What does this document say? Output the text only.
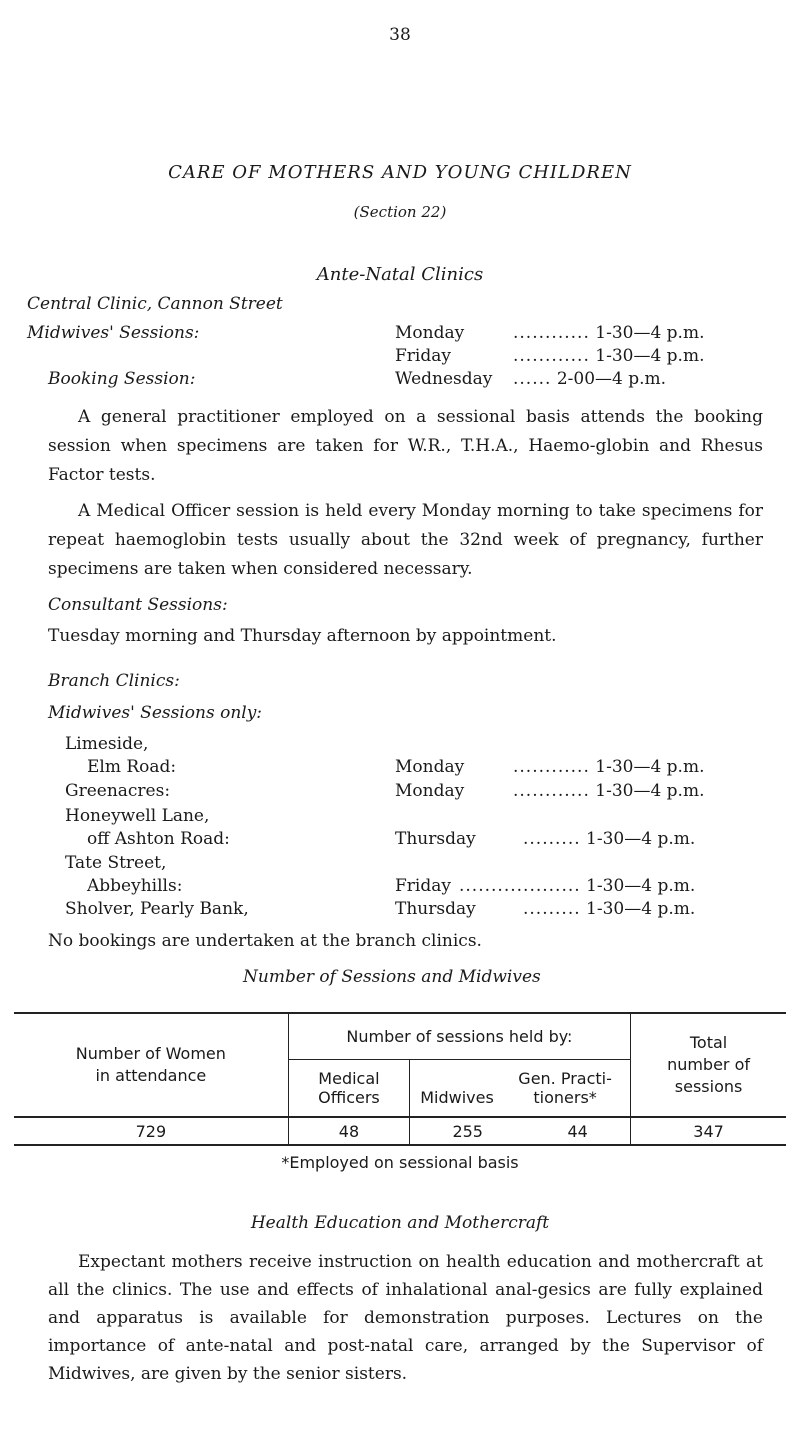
38
CARE OF MOTHERS AND YOUNG CHILDREN
(Section 22)
Ante-Natal Clinics
Central Clinic, Cannon Street
Midwives' Sessions:
Booking Session:
Monday	............ 1-30—4 p.m.
Friday	............ 1-30—4 p.m.
Wednesday ...... 2-00—4 p.m.
A general practitioner employed on a sessional basis attends the booking session when specimens are taken for W.R., T.H.A., Haemo-globin and Rhesus Factor tests.
A Medical Officer session is held every Monday morning to take specimens for repeat haemoglobin tests usually about the 32nd week of pregnancy, further specimens are taken when considered necessary.
Consultant Sessions:
Tuesday morning and Thursday afternoon by appointment.
Branch Clinics:
Midwives' Sessions only:
Limeside,
Elm Road:	Monday	............ 1-30—4 p.m.
Greenacres:	Monday	............ 1-30—4 p.m.
Honeywell Lane,
off Ashton Road:	Thursday	......... 1-30—4 p.m.
Tate Street,
Abbeyhills:	Friday ................... 1-30—4 p.m.
Sholver, Pearly Bank,	Thursday	......... 1-30—4 p.m.
No bookings are undertaken at the branch clinics.
Number of Sessions and Midwives
Number of Women in attendance	Number of sessions held by:		Total number of sessions
	Medical Officers	Midwives
Gen. Practi-tioners*	

729	48	255 44	347
*Employed on sessional basis
Health Education and Mothercraft
Expectant mothers receive instruction on health education and mothercraft at all the clinics. The use and effects of inhalational anal-gesics are fully explained and apparatus is available for demonstration purposes. Lectures on the importance of ante-natal and post-natal care, arranged by the Supervisor of Midwives, are given by the senior sisters.
